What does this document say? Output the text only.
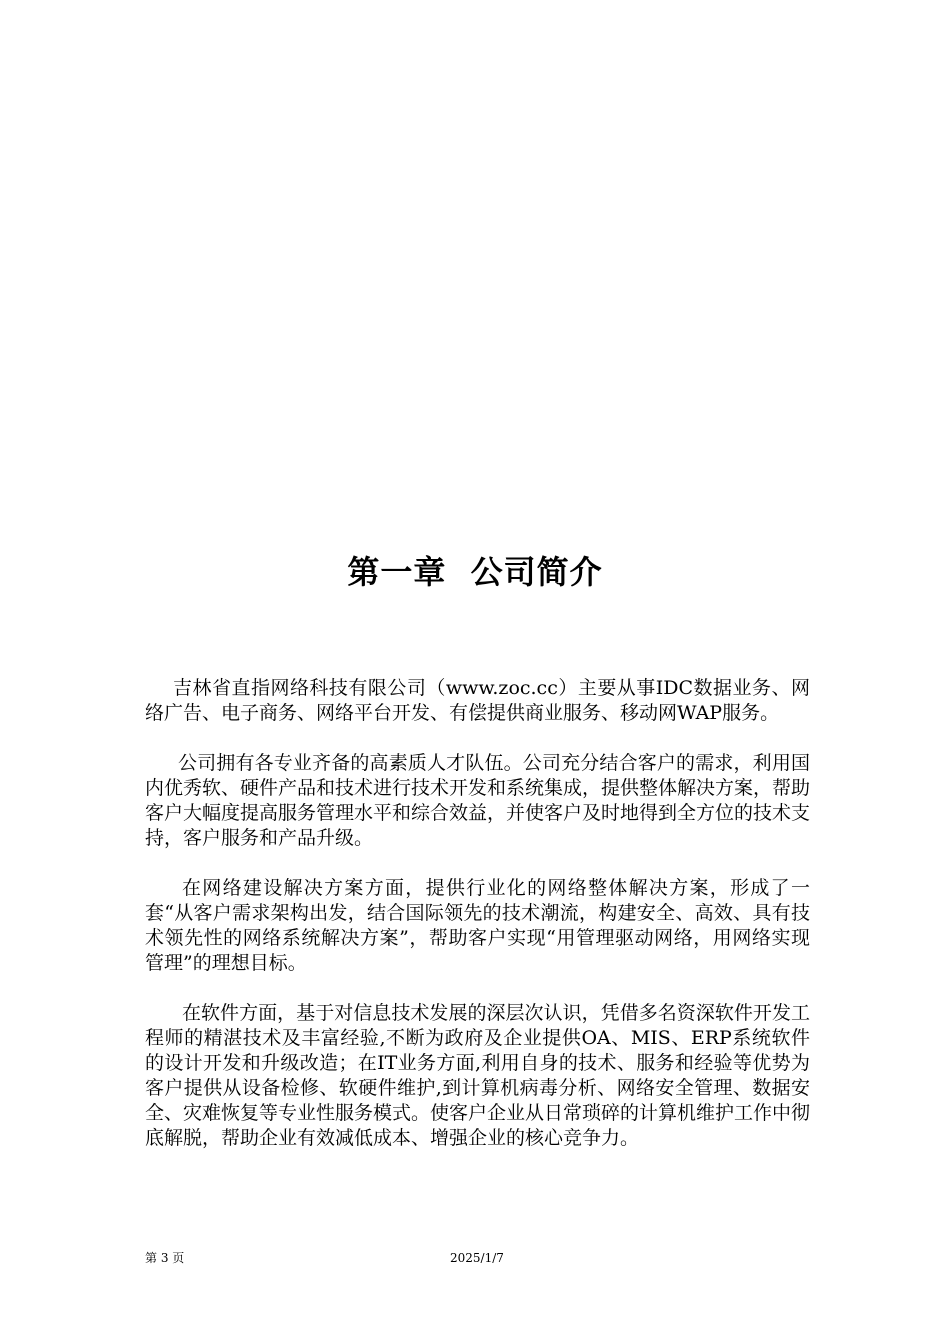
第一章  公司简介

吉林省直指网络科技有限公司（www.zoc.cc）主要从事IDC数据业务、网络广告、电子商务、网络平台开发、有偿提供商业服务、移动网WAP服务。

公司拥有各专业齐备的高素质人才队伍。公司充分结合客户的需求，利用国内优秀软、硬件产品和技术进行技术开发和系统集成，提供整体解决方案，帮助客户大幅度提高服务管理水平和综合效益，并使客户及时地得到全方位的技术支持，客户服务和产品升级。

在网络建设解决方案方面，提供行业化的网络整体解决方案，形成了一套“从客户需求架构出发，结合国际领先的技术潮流，构建安全、高效、具有技术领先性的网络系统解决方案”，帮助客户实现“用管理驱动网络，用网络实现管理”的理想目标。

在软件方面，基于对信息技术发展的深层次认识，凭借多名资深软件开发工程师的精湛技术及丰富经验,不断为政府及企业提供OA、MIS、ERP系统软件的设计开发和升级改造；在IT业务方面,利用自身的技术、服务和经验等优势为客户提供从设备检修、软硬件维护,到计算机病毒分析、网络安全管理、数据安全、灾难恢复等专业性服务模式。使客户企业从日常琐碎的计算机维护工作中彻底解脱，帮助企业有效减低成本、增强企业的核心竞争力。

第 3 页	2025/1/7
